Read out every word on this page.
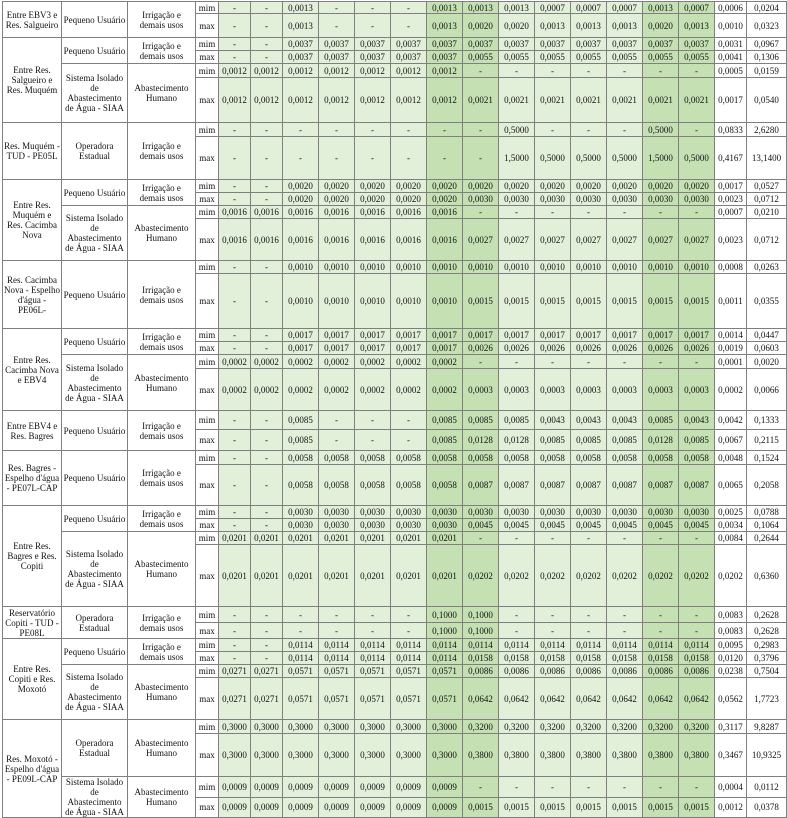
Entre EBV3 e Res. Salgueiro	Pequeno Usuário	Irrigação e demais usos	mim	-	-	0,0013	-	-	-	0,0013	0,0013	0,0013	0,0007	0,0007	0,0007	0,0013	0,0007	0,0006	0,0204
			max	-	-	0,0013	-	-	-	0,0013	0,0020	0,0020	0,0013	0,0013	0,0013	0,0020	0,0013	0,0010	0,0323
Entre Res. Salgueiro e Res. Muquém	Pequeno Usuário	Irrigação e demais usos	mim	-	-	0,0037	0,0037	0,0037	0,0037	0,0037	0,0037	0,0037	0,0037	0,0037	0,0037	0,0037	0,0037	0,0031	0,0967
			max	-	-	0,0037	0,0037	0,0037	0,0037	0,0037	0,0055	0,0055	0,0055	0,0055	0,0055	0,0055	0,0055	0,0041	0,1306
	Sistema Isolado de Abastecimento de Água - SIAA	Abastecimento Humano	mim	0,0012	0,0012	0,0012	0,0012	0,0012	0,0012	0,0012	-	-	-	-	-	-	-	0,0005	0,0159
			max	0,0012	0,0012	0,0012	0,0012	0,0012	0,0012	0,0012	0,0021	0,0021	0,0021	0,0021	0,0021	0,0021	0,0021	0,0017	0,0540
Res. Muquém - TUD - PE05L	Operadora Estadual	Irrigação e demais usos	mim	-	-	-	-	-	-	-	-	0,5000	-	-	-	0,5000	-	0,0833	2,6280
			max	-	-	-	-	-	-	-	-	1,5000	0,5000	0,5000	0,5000	1,5000	0,5000	0,4167	13,1400
Entre Res. Muquém e Res. Cacimba Nova	Pequeno Usuário	Irrigação e demais usos	mim	-	-	0,0020	0,0020	0,0020	0,0020	0,0020	0,0020	0,0020	0,0020	0,0020	0,0020	0,0020	0,0020	0,0017	0,0527
			max	-	-	0,0020	0,0020	0,0020	0,0020	0,0020	0,0030	0,0030	0,0030	0,0030	0,0030	0,0030	0,0030	0,0023	0,0712
	Sistema Isolado de Abastecimento de Água - SIAA	Abastecimento Humano	mim	0,0016	0,0016	0,0016	0,0016	0,0016	0,0016	0,0016	-	-	-	-	-	-	-	0,0007	0,0210
			max	0,0016	0,0016	0,0016	0,0016	0,0016	0,0016	0,0016	0,0027	0,0027	0,0027	0,0027	0,0027	0,0027	0,0027	0,0023	0,0712
Res. Cacimba Nova - Espelho d'água - PE06L-	Pequeno Usuário	Irrigação e demais usos	mim	-	-	0,0010	0,0010	0,0010	0,0010	0,0010	0,0010	0,0010	0,0010	0,0010	0,0010	0,0010	0,0010	0,0008	0,0263
			max	-	-	0,0010	0,0010	0,0010	0,0010	0,0010	0,0015	0,0015	0,0015	0,0015	0,0015	0,0015	0,0015	0,0011	0,0355
Entre Res. Cacimba Nova e EBV4	Pequeno Usuário	Irrigação e demais usos	mim	-	-	0,0017	0,0017	0,0017	0,0017	0,0017	0,0017	0,0017	0,0017	0,0017	0,0017	0,0017	0,0017	0,0014	0,0447
			max	-	-	0,0017	0,0017	0,0017	0,0017	0,0017	0,0026	0,0026	0,0026	0,0026	0,0026	0,0026	0,0026	0,0019	0,0603
	Sistema Isolado de Abastecimento de Água - SIAA	Abastecimento Humano	mim	0,0002	0,0002	0,0002	0,0002	0,0002	0,0002	0,0002	-	-	-	-	-	-	-	0,0001	0,0020
			max	0,0002	0,0002	0,0002	0,0002	0,0002	0,0002	0,0002	0,0003	0,0003	0,0003	0,0003	0,0003	0,0003	0,0003	0,0002	0,0066
Entre EBV4 e Res. Bagres	Pequeno Usuário	Irrigação e demais usos	mim	-	-	0,0085	-	-	-	0,0085	0,0085	0,0085	0,0043	0,0043	0,0043	0,0085	0,0043	0,0042	0,1333
			max	-	-	0,0085	-	-	-	0,0085	0,0128	0,0128	0,0085	0,0085	0,0085	0,0128	0,0085	0,0067	0,2115
Res. Bagres - Espelho d'água - PE07L-CAP	Pequeno Usuário	Irrigação e demais usos	mim	-	-	0,0058	0,0058	0,0058	0,0058	0,0058	0,0058	0,0058	0,0058	0,0058	0,0058	0,0058	0,0058	0,0048	0,1524
			max	-	-	0,0058	0,0058	0,0058	0,0058	0,0058	0,0087	0,0087	0,0087	0,0087	0,0087	0,0087	0,0087	0,0065	0,2058
Entre Res. Bagres e Res. Copiti	Pequeno Usuário	Irrigação e demais usos	mim	-	-	0,0030	0,0030	0,0030	0,0030	0,0030	0,0030	0,0030	0,0030	0,0030	0,0030	0,0030	0,0030	0,0025	0,0788
			max	-	-	0,0030	0,0030	0,0030	0,0030	0,0030	0,0045	0,0045	0,0045	0,0045	0,0045	0,0045	0,0045	0,0034	0,1064
	Sistema Isolado de Abastecimento de Água - SIAA	Abastecimento Humano	mim	0,0201	0,0201	0,0201	0,0201	0,0201	0,0201	0,0201	-	-	-	-	-	-	-	0,0084	0,2644
			max	0,0201	0,0201	0,0201	0,0201	0,0201	0,0201	0,0201	0,0202	0,0202	0,0202	0,0202	0,0202	0,0202	0,0202	0,0202	0,6360
Reservatório Copiti - TUD - PE08L	Operadora Estadual	Irrigação e demais usos	mim	-	-	-	-	-	-	0,1000	0,1000	-	-	-	-	-	-	0,0083	0,2628
			max	-	-	-	-	-	-	0,1000	0,1000	-	-	-	-	-	-	0,0083	0,2628
Entre Res. Copiti e Res. Moxotó	Pequeno Usuário	Irrigação e demais usos	mim	-	-	0,0114	0,0114	0,0114	0,0114	0,0114	0,0114	0,0114	0,0114	0,0114	0,0114	0,0114	0,0114	0,0095	0,2983
			max	-	-	0,0114	0,0114	0,0114	0,0114	0,0114	0,0158	0,0158	0,0158	0,0158	0,0158	0,0158	0,0158	0,0120	0,3796
	Sistema Isolado de Abastecimento de Água - SIAA	Abastecimento Humano	mim	0,0271	0,0271	0,0571	0,0571	0,0571	0,0571	0,0571	0,0086	0,0086	0,0086	0,0086	0,0086	0,0086	0,0086	0,0238	0,7504
			max	0,0271	0,0271	0,0571	0,0571	0,0571	0,0571	0,0571	0,0642	0,0642	0,0642	0,0642	0,0642	0,0642	0,0642	0,0562	1,7723
Res. Moxotó - Espelho d'água - PE09L-CAP	Operadora Estadual	Abastecimento Humano	mim	0,3000	0,3000	0,3000	0,3000	0,3000	0,3000	0,3000	0,3200	0,3200	0,3200	0,3200	0,3200	0,3200	0,3200	0,3117	9,8287
			max	0,3000	0,3000	0,3000	0,3000	0,3000	0,3000	0,3000	0,3800	0,3800	0,3800	0,3800	0,3800	0,3800	0,3800	0,3467	10,9325
	Sistema Isolado de Abastecimento de Água - SIAA	Abastecimento Humano	mim	0,0009	0,0009	0,0009	0,0009	0,0009	0,0009	0,0009	-	-	-	-	-	-	-	0,0004	0,0112
			max	0,0009	0,0009	0,0009	0,0009	0,0009	0,0009	0,0009	0,0015	0,0015	0,0015	0,0015	0,0015	0,0015	0,0015	0,0012	0,0378
